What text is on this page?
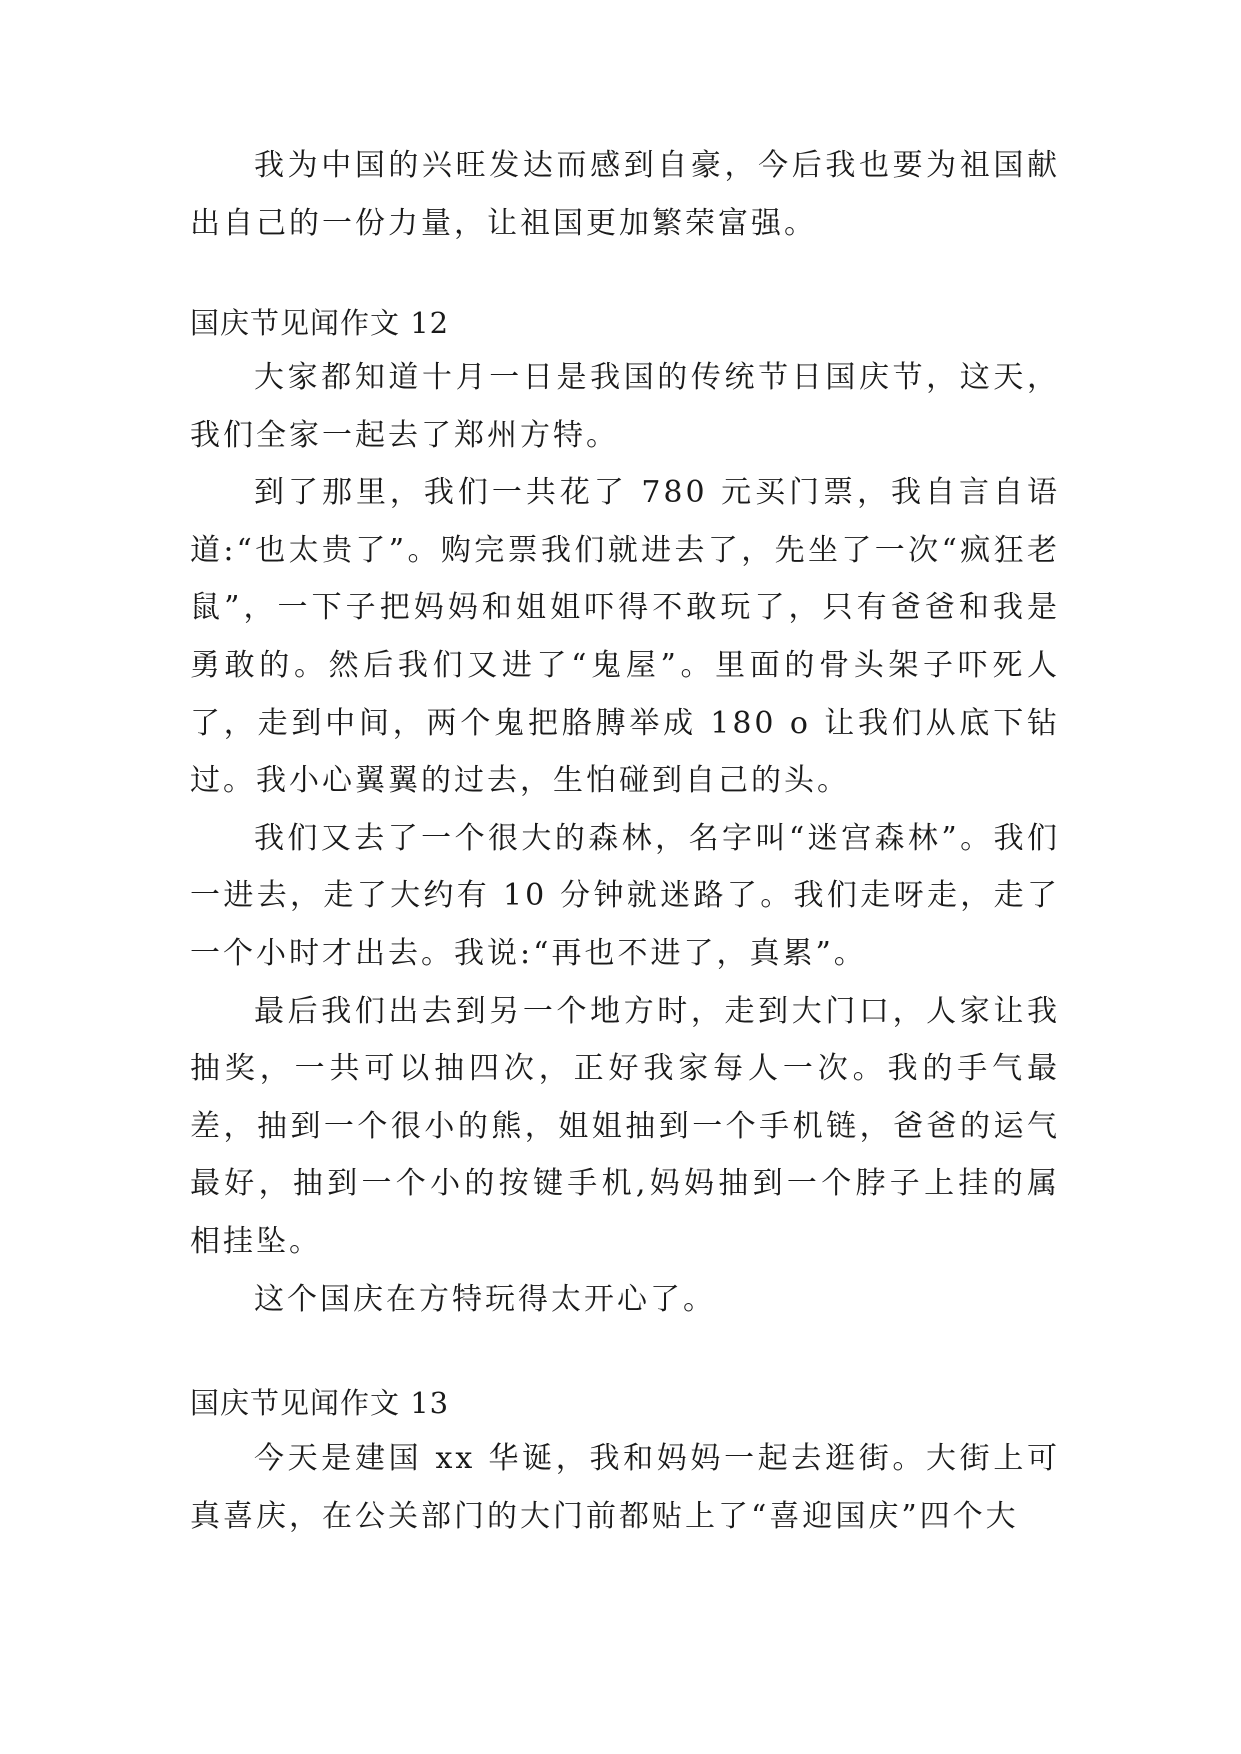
我为中国的兴旺发达而感到自豪，今后我也要为祖国献出自己的一份力量，让祖国更加繁荣富强。

国庆节见闻作文 12

大家都知道十月一日是我国的传统节日国庆节，这天，我们全家一起去了郑州方特。

到了那里，我们一共花了 780 元买门票，我自言自语道:“也太贵了”。购完票我们就进去了，先坐了一次“疯狂老鼠”，一下子把妈妈和姐姐吓得不敢玩了，只有爸爸和我是勇敢的。然后我们又进了“鬼屋”。里面的骨头架子吓死人了，走到中间，两个鬼把胳膊举成 180 o 让我们从底下钻过。我小心翼翼的过去，生怕碰到自己的头。

我们又去了一个很大的森林，名字叫“迷宫森林”。我们一进去，走了大约有 10 分钟就迷路了。我们走呀走，走了一个小时才出去。我说:“再也不进了，真累”。

最后我们出去到另一个地方时，走到大门口，人家让我抽奖，一共可以抽四次，正好我家每人一次。我的手气最差，抽到一个很小的熊，姐姐抽到一个手机链，爸爸的运气最好，抽到一个小的按键手机,妈妈抽到一个脖子上挂的属相挂坠。

这个国庆在方特玩得太开心了。

国庆节见闻作文 13

今天是建国 xx 华诞，我和妈妈一起去逛街。大街上可真喜庆，在公关部门的大门前都贴上了“喜迎国庆”四个大
